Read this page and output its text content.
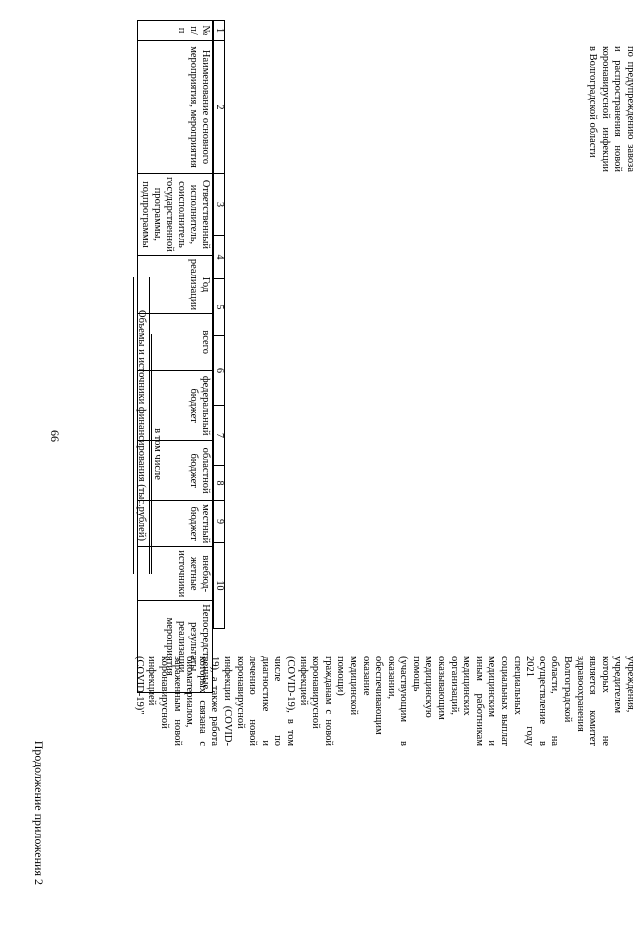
по предупреждению завоза и распространения новой коронавирусной инфекции в Волгоградской области
учреждения, учредителем которых не является комитет здравоохранения Волгоградской области, на осуществление в 2021 году специальных социальных выплат медицинским и иным работникам медицинских организаций, оказывающим медицинскую помощь (участвующим в оказании, обеспечивающим оказание медицинской помощи) гражданам с новой коронавирусной инфекцией (COVID-19), в том числе по диагностике и лечению новой коронавирусной инфекции (COVID-19), а также работа которых связана с биоматериалом, зараженным новой коронавирусной инфекцией (COVID-19)"
1	2	3	4	5	6	7	8	9	10
№ п/п	Наименование основного мероприятия, мероприятия	Ответственный исполнитель, соисполнитель государственной программы, подпрограммы	Год реализации	всего	федеральный бюджет	областной бюджет	местный бюджет	внебюд-жетные источники	Непосредственные результаты реализации мероприятия
в том числе
Объемы и источники финансирования (тыс.рублей)
66
Продолжение приложения 2
